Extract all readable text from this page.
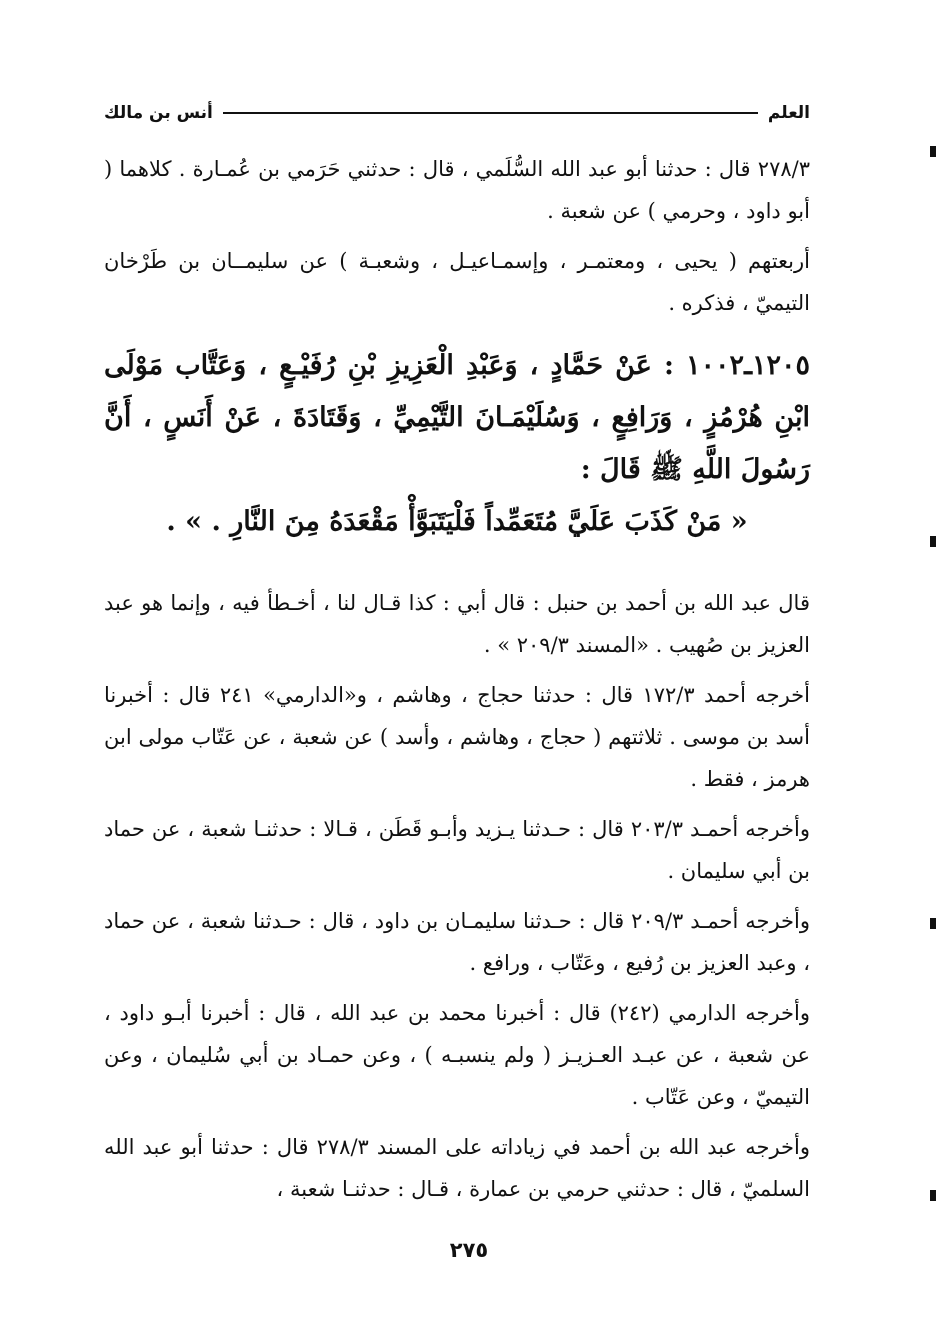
العلم
أنس بن مالك

٢٧٨/٣ قال : حدثنا أبو عبد الله السُّلَمي ، قال : حدثني حَرَمي بن عُمـارة . كلاهما ( أبو داود ، وحرمي ) عن شعبة .

أربعتهم ( يحيى ، ومعتمـر ، وإسمـاعيـل ، وشعبـة ) عن سليمــان بن طَرْخان التيميّ ، فذكره .

١٢٠٥ـ١٠٠٢ : عَنْ حَمَّادٍ ، وَعَبْدِ الْعَزِيزِ بْنِ رُفَيْـعٍ ، وَعَتَّاب مَوْلَى ابْنِ هُرْمُزٍ ، وَرَافِعٍ ، وَسُلَيْمَـانَ التَّيْمِيِّ ، وَقَتَادَةَ ، عَنْ أَنَسٍ ، أَنَّ رَسُولَ اللَّهِ ﷺ قَالَ :

« مَنْ كَذَبَ عَلَيَّ مُتَعَمِّداً فَلْيَتَبَوَّأْ مَقْعَدَهُ مِنَ النَّارِ . » .

قال عبد الله بن أحمد بن حنبل : قال أبي : كذا قـال لنا ، أخـطأ فيه ، وإنما هو عبد العزيز بن صُهيب . «المسند ٢٠٩/٣ » .

أخرجه أحمد ١٧٢/٣ قال : حدثنا حجاج ، وهاشم ، و«الدارمي» ٢٤١ قال : أخبرنا أسد بن موسى . ثلاثتهم ( حجاج ، وهاشم ، وأسد ) عن شعبة ، عن عَتّاب مولى ابن هرمز ، فقط .

وأخرجه أحمـد ٢٠٣/٣ قال : حـدثنا يـزيد وأبـو قَطَن ، قـالا : حدثنـا شعبة ، عن حماد بن أبي سليمان .

وأخرجه أحمـد ٢٠٩/٣ قال : حـدثنا سليمـان بن داود ، قال : حـدثنا شعبة ، عن حماد ، وعبد العزيز بن رُفيع ، وعَتّاب ، ورافع .

وأخرجه الدارمي (٢٤٢) قال : أخبرنا محمد بن عبد الله ، قال : أخبرنا أبـو داود ، عن شعبة ، عن عبـد العـزيـز ( ولم ينسبـه ) ، وعن حمـاد بن أبي سُليمان ، وعن التيميّ ، وعن عَتّاب .

وأخرجه عبد الله بن أحمد في زياداته على المسند ٢٧٨/٣ قال : حدثنا أبو عبد الله السلميّ ، قال : حدثني حرمي بن عمارة ، قـال : حدثنـا شعبة ،

٢٧٥
